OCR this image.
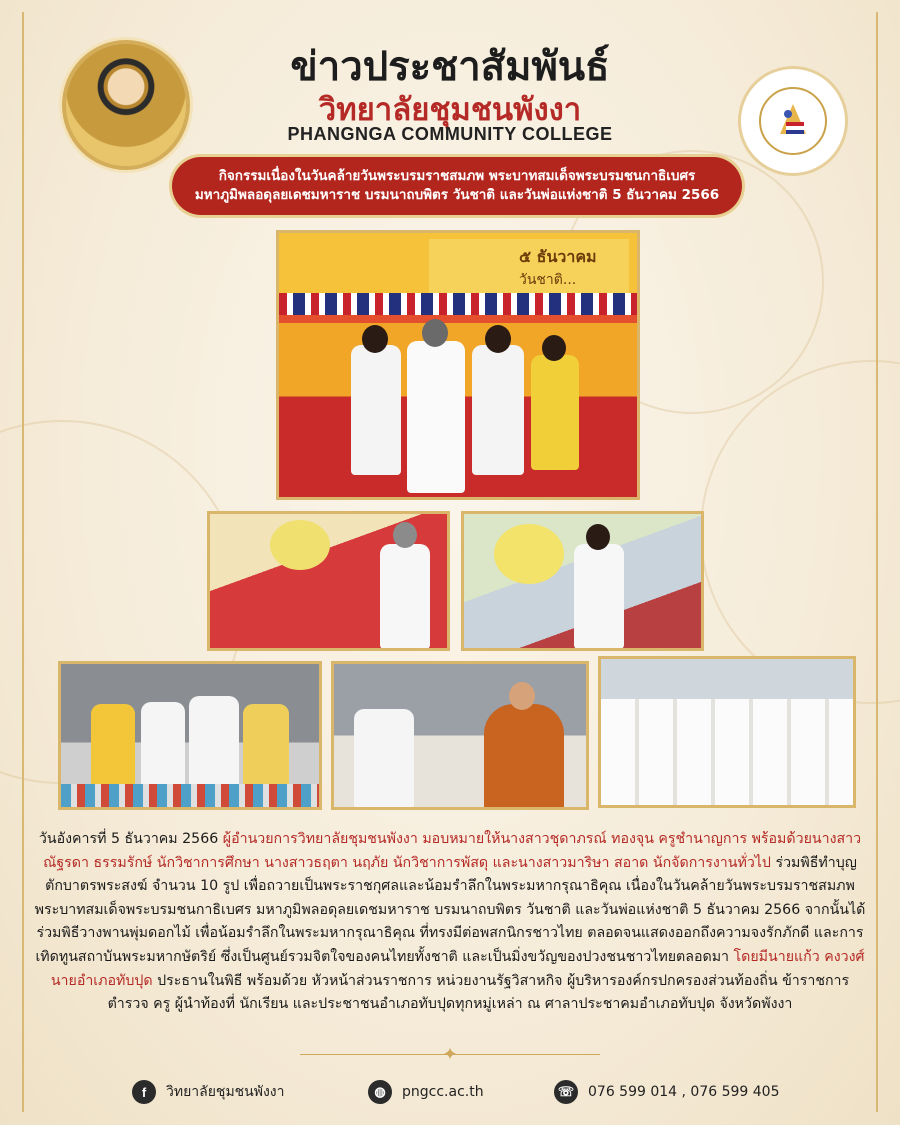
ข่าวประชาสัมพันธ์
วิทยาลัยชุมชนพังงา
PHANGNGA COMMUNITY COLLEGE
กิจกรรมเนื่องในวันคล้ายวันพระบรมราชสมภพ พระบาทสมเด็จพระบรมชนกาธิเบศร
มหาภูมิพลอดุลยเดชมหาราช บรมนาถบพิตร วันชาติ และวันพ่อแห่งชาติ 5 ธันวาคม 2566
๕ ธันวาคม
วันชาติ...
วันอังคารที่ 5 ธันวาคม 2566 ผู้อำนวยการวิทยาลัยชุมชนพังงา มอบหมายให้นางสาวชุดาภรณ์ ทองจุน ครูชำนาญการ พร้อมด้วยนางสาวณัฐรดา ธรรมรักษ์ นักวิชาการศึกษา นางสาวธฤตา นฤภัย นักวิชาการพัสดุ และนางสาวมาริษา สอาด นักจัดการงานทั่วไป ร่วมพิธีทำบุญตักบาตรพระสงฆ์ จำนวน 10 รูป เพื่อถวายเป็นพระราชกุศลและน้อมรำลึกในพระมหากรุณาธิคุณ เนื่องในวันคล้ายวันพระบรมราชสมภพ พระบาทสมเด็จพระบรมชนกาธิเบศร มหาภูมิพลอดุลยเดชมหาราช บรมนาถบพิตร วันชาติ และวันพ่อแห่งชาติ 5 ธันวาคม 2566 จากนั้นได้ร่วมพิธีวางพานพุ่มดอกไม้ เพื่อน้อมรำลึกในพระมหากรุณาธิคุณ ที่ทรงมีต่อพสกนิกรชาวไทย ตลอดจนแสดงออกถึงความจงรักภักดี และการเทิดทูนสถาบันพระมหากษัตริย์ ซึ่งเป็นศูนย์รวมจิตใจของคนไทยทั้งชาติ และเป็นมิ่งขวัญของปวงชนชาวไทยตลอดมา โดยมีนายแก้ว คงวงศ์ นายอำเภอทับปุด ประธานในพิธี พร้อมด้วย หัวหน้าส่วนราชการ หน่วยงานรัฐวิสาหกิจ ผู้บริหารองค์กรปกครองส่วนท้องถิ่น ข้าราชการ ตำรวจ ครู ผู้นำท้องที่ นักเรียน และประชาชนอำเภอทับปุดทุกหมู่เหล่า ณ ศาลาประชาคมอำเภอทับปุด จังหวัดพังงา
✦
f	วิทยาลัยชุมชนพังงา	◍	pngcc.ac.th	☏ 076 599 014 , 076 599 405
